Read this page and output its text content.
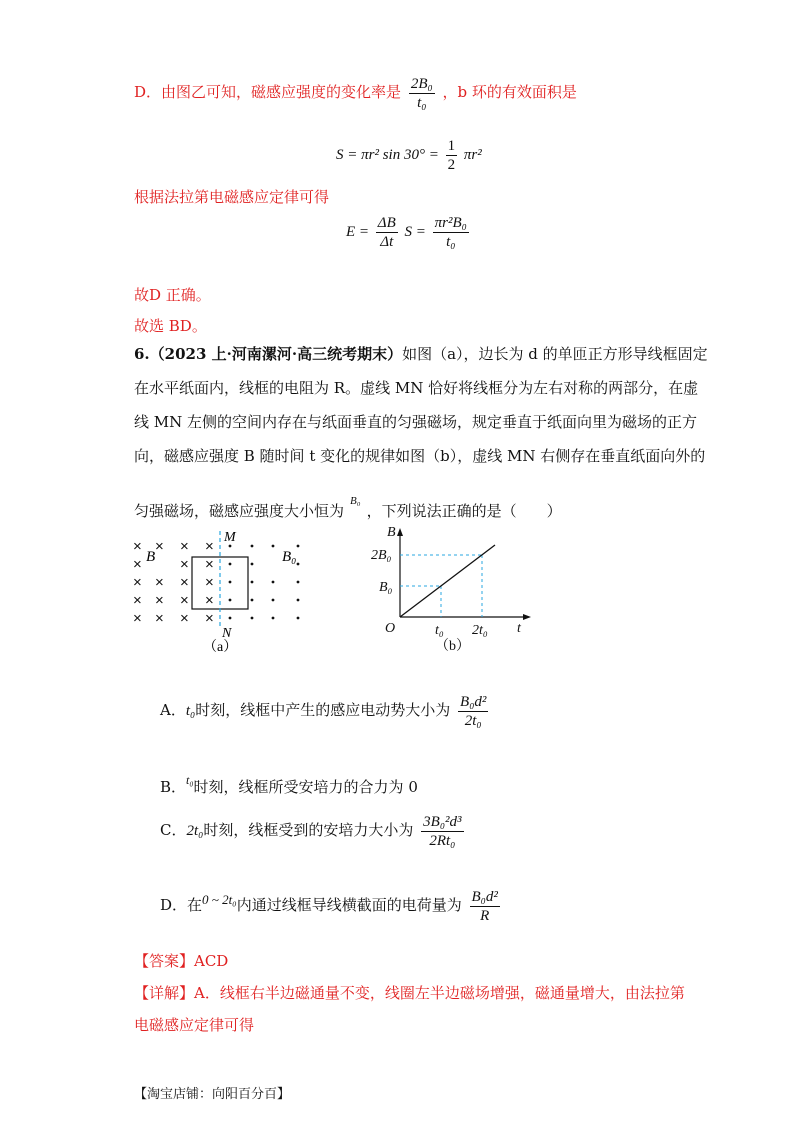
D．由图乙可知，磁感应强度的变化率是 $\frac{\text{2B₀}}{\text{t₀}}$ ，b 环的有效面积是
S = πr² $\sin 30^\circ = \frac{1}{2} \pi r^2$
根据法拉第电磁感应定律可得
$E = \frac{\Delta B}{\Delta t}$ $S = \frac{\text{πr²B₀}}{\text{t₀}}$
故D 正确。
故选 BD。
6.（2023 上·河南漯河·高三统考期末）如图（a），边长为 d 的单匝正方形导线框固定
在水平纸面内，线框的电阻为 R。虚线 MN 恰好将线框分为左右对称的两部分，在虚
线 MN 左侧的空间内存在与纸面垂直的匀强磁场，规定垂直于纸面向里为磁场的正方
向，磁感应强度 B 随时间 t 变化的规律如图（b），虚线 MN 右侧存在垂直纸面向外的
匀强磁场，磁感应强度大小恒为$^{B_0}$，下列说法正确的是（　　）
× × × ×
×	× ×
× × × ×
× × × ×
× × × ×
M
N
B	B₀
（a）
B
2B₀
B₀
O	t₀ 2t₀ t
（b）
A．t₀时刻，线框中产生的感应电动势大小为 $\frac{\text{B₀d²}}{\text{2t₀}}$
B．$^{t_0}$时刻，线框所受安培力的合力为 0
C．2t₀时刻，线框受到的安培力大小为 $\frac{\text{3B₀²d³}}{\text{2Rt₀}}$
D．在0 ~ 2t₀内通过线框导线横截面的电荷量为 $\frac{\text{B₀d²}}{R}$
【答案】ACD
【详解】A．线框右半边磁通量不变，线圈左半边磁场增强，磁通量增大，由法拉第
电磁感应定律可得
【淘宝店铺：向阳百分百】
